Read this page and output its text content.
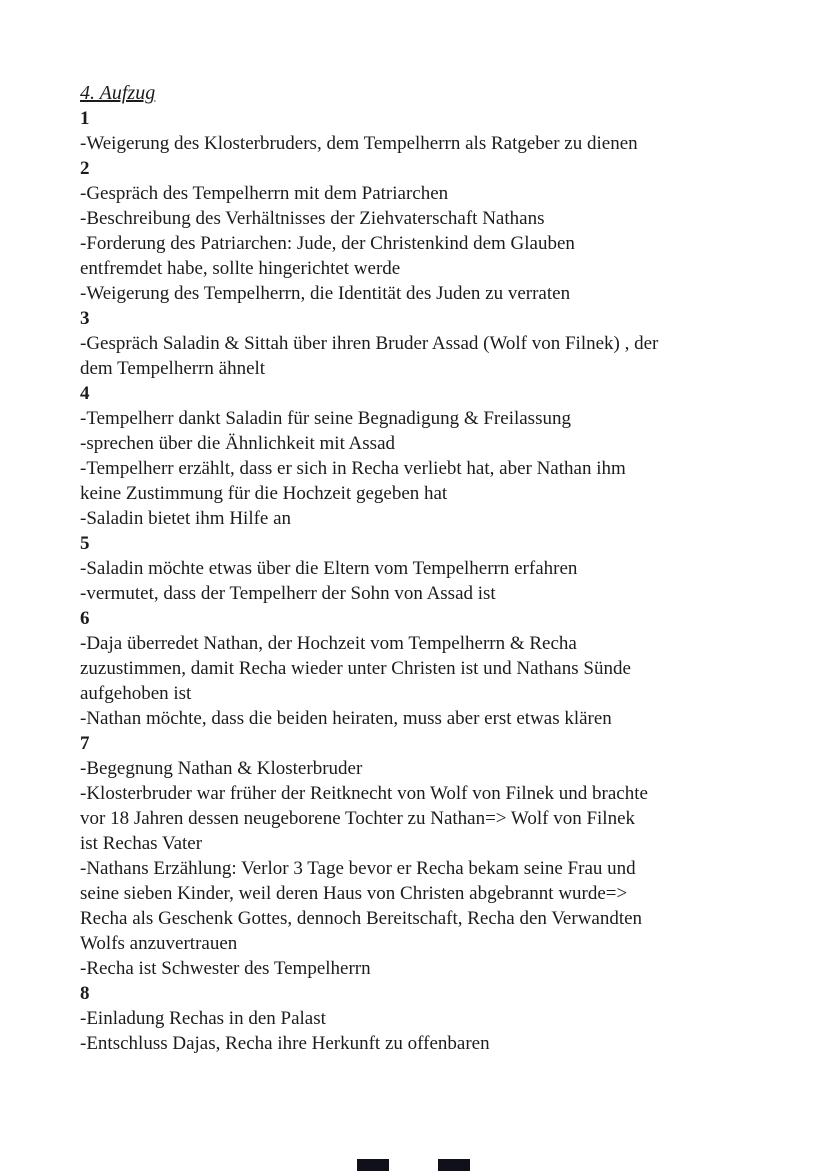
4. Aufzug
1
-Weigerung des Klosterbruders, dem Tempelherrn als Ratgeber zu dienen
2
-Gespräch des Tempelherrn mit dem Patriarchen
-Beschreibung des Verhältnisses der Ziehvaterschaft Nathans
-Forderung des Patriarchen: Jude, der Christenkind dem Glauben
entfremdet habe, sollte hingerichtet werde
-Weigerung des Tempelherrn, die Identität des Juden zu verraten
3
-Gespräch Saladin & Sittah über ihren Bruder Assad (Wolf von Filnek) , der
dem Tempelherrn ähnelt
4
-Tempelherr dankt Saladin für seine Begnadigung & Freilassung
-sprechen über die Ähnlichkeit mit Assad
-Tempelherr erzählt, dass er sich in Recha verliebt hat, aber Nathan ihm
keine Zustimmung für die Hochzeit gegeben hat
-Saladin bietet ihm Hilfe an
5
-Saladin möchte etwas über die Eltern vom Tempelherrn erfahren
-vermutet, dass der Tempelherr der Sohn von Assad ist
6
-Daja überredet Nathan, der Hochzeit vom Tempelherrn & Recha
zuzustimmen, damit Recha wieder unter Christen ist und Nathans Sünde
aufgehoben ist
-Nathan möchte, dass die beiden heiraten, muss aber erst etwas klären
7
-Begegnung Nathan & Klosterbruder
-Klosterbruder war früher der Reitknecht von Wolf von Filnek und brachte
vor 18 Jahren dessen neugeborene Tochter zu Nathan=> Wolf von Filnek
ist Rechas Vater
-Nathans Erzählung: Verlor 3 Tage bevor er Recha bekam seine Frau und
seine sieben Kinder, weil deren Haus von Christen abgebrannt wurde=>
Recha als Geschenk Gottes, dennoch Bereitschaft, Recha den Verwandten
Wolfs anzuvertrauen
-Recha ist Schwester des Tempelherrn
8
-Einladung Rechas in den Palast
-Entschluss Dajas, Recha ihre Herkunft zu offenbaren
